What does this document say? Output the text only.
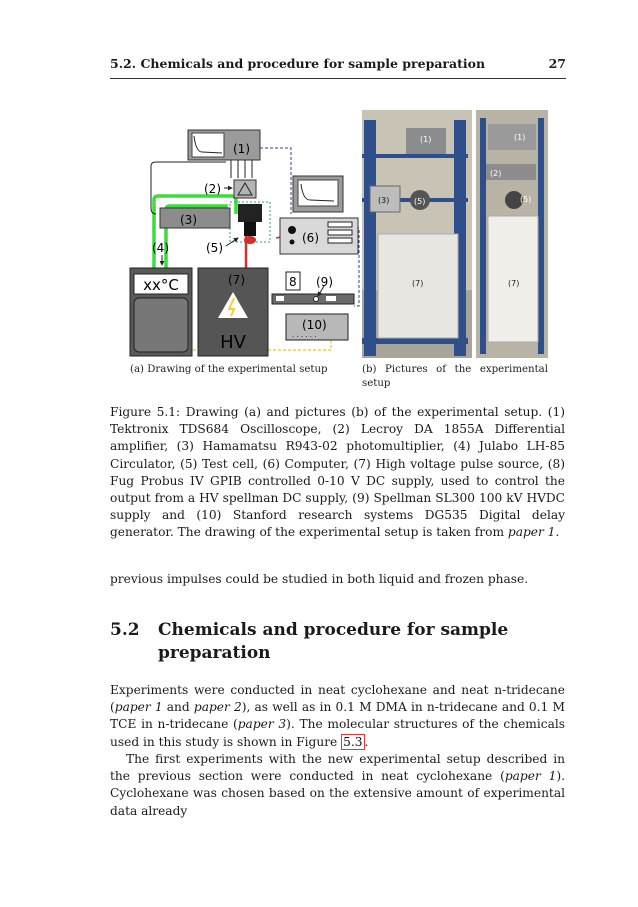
5.2. Chemicals and procedure for sample preparation	27
(1)
(2)
(3)
(4)	(5)
(6)
xx°C	(7)
HV
8 (9)
(10)
. . . . . .
(1)
(3)	(5)
(7)
(1)
(2)
(5)
(7)
(a) Drawing of the experimental setup	(b) Pictures of the experimental setup
Figure 5.1: Drawing (a) and pictures (b) of the experimental setup. (1) Tektronix TDS684 Oscilloscope, (2) Lecroy DA 1855A Differential amplifier, (3) Hamamatsu R943-02 photomultiplier, (4) Julabo LH-85 Circulator, (5) Test cell, (6) Computer, (7) High voltage pulse source, (8) Fug Probus IV GPIB controlled 0-10 V DC supply, used to control the output from a HV spellman DC supply, (9) Spellman SL300 100 kV HVDC supply and (10) Stanford research systems DG535 Digital delay generator. The drawing of the experimental setup is taken from paper 1.
previous impulses could be studied in both liquid and frozen phase.
5.2 Chemicals and procedure for sample preparation
Experiments were conducted in neat cyclohexane and neat n-tridecane (paper 1 and paper 2), as well as in 0.1 M DMA in n-tridecane and 0.1 M TCE in n-tridecane (paper 3). The molecular structures of the chemicals used in this study is shown in Figure 5.3 .
The first experiments with the new experimental setup described in the previous section were conducted in neat cyclohexane (paper 1). Cyclohexane was chosen based on the extensive amount of experimental data already
